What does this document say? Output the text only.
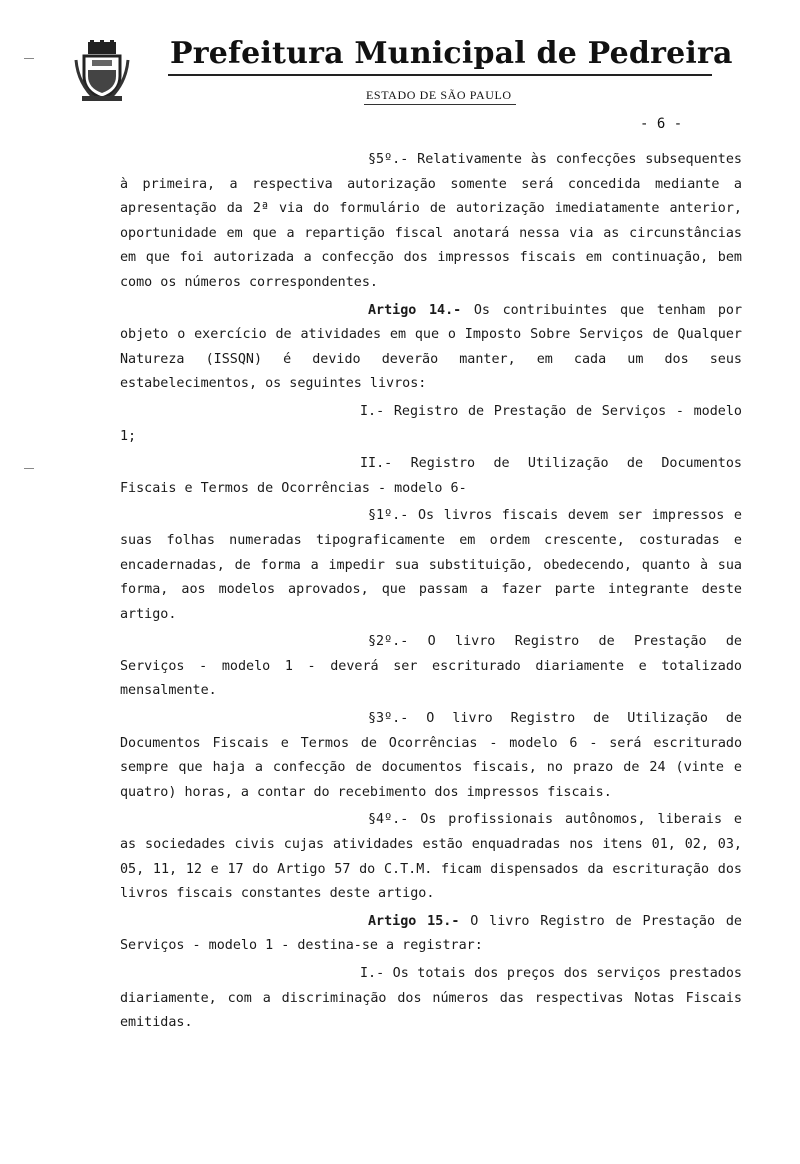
Prefeitura Municipal de Pedreira
ESTADO DE SÃO PAULO
- 6 -

§5º.- Relativamente às confecções subsequentes à primeira, a respectiva autorização somente será concedida mediante a apresentação da 2ª via do formulário de autorização imediatamente anterior, oportunidade em que a repartição fiscal anotará nessa via as circunstâncias em que foi autorizada a confecção dos impressos fiscais em continuação, bem como os números correspondentes.

Artigo 14.- Os contribuintes que tenham por objeto o exercício de atividades em que o Imposto Sobre Serviços de Qualquer Natureza (ISSQN) é devido deverão manter, em cada um dos seus estabelecimentos, os seguintes livros:

I.- Registro de Prestação de Serviços - modelo 1;

II.- Registro de Utilização de Documentos Fiscais e Termos de Ocorrências - modelo 6-

§1º.- Os livros fiscais devem ser impressos e suas folhas numeradas tipograficamente em ordem crescente, costuradas e encadernadas, de forma a impedir sua substituição, obedecendo, quanto à sua forma, aos modelos aprovados, que passam a fazer parte integrante deste artigo.

§2º.- O livro Registro de Prestação de Serviços - modelo 1 - deverá ser escriturado diariamente e totalizado mensalmente.

§3º.- O livro Registro de Utilização de Documentos Fiscais e Termos de Ocorrências - modelo 6 - será escriturado sempre que haja a confecção de documentos fiscais, no prazo de 24 (vinte e quatro) horas, a contar do recebimento dos impressos fiscais.

§4º.- Os profissionais autônomos, liberais e as sociedades civis cujas atividades estão enquadradas nos itens 01, 02, 03, 05, 11, 12 e 17 do Artigo 57 do C.T.M. ficam dispensados da escrituração dos livros fiscais constantes deste artigo.

Artigo 15.- O livro Registro de Prestação de Serviços - modelo 1 - destina-se a registrar:

I.- Os totais dos preços dos serviços prestados diariamente, com a discriminação dos números das respectivas Notas Fiscais emitidas.
